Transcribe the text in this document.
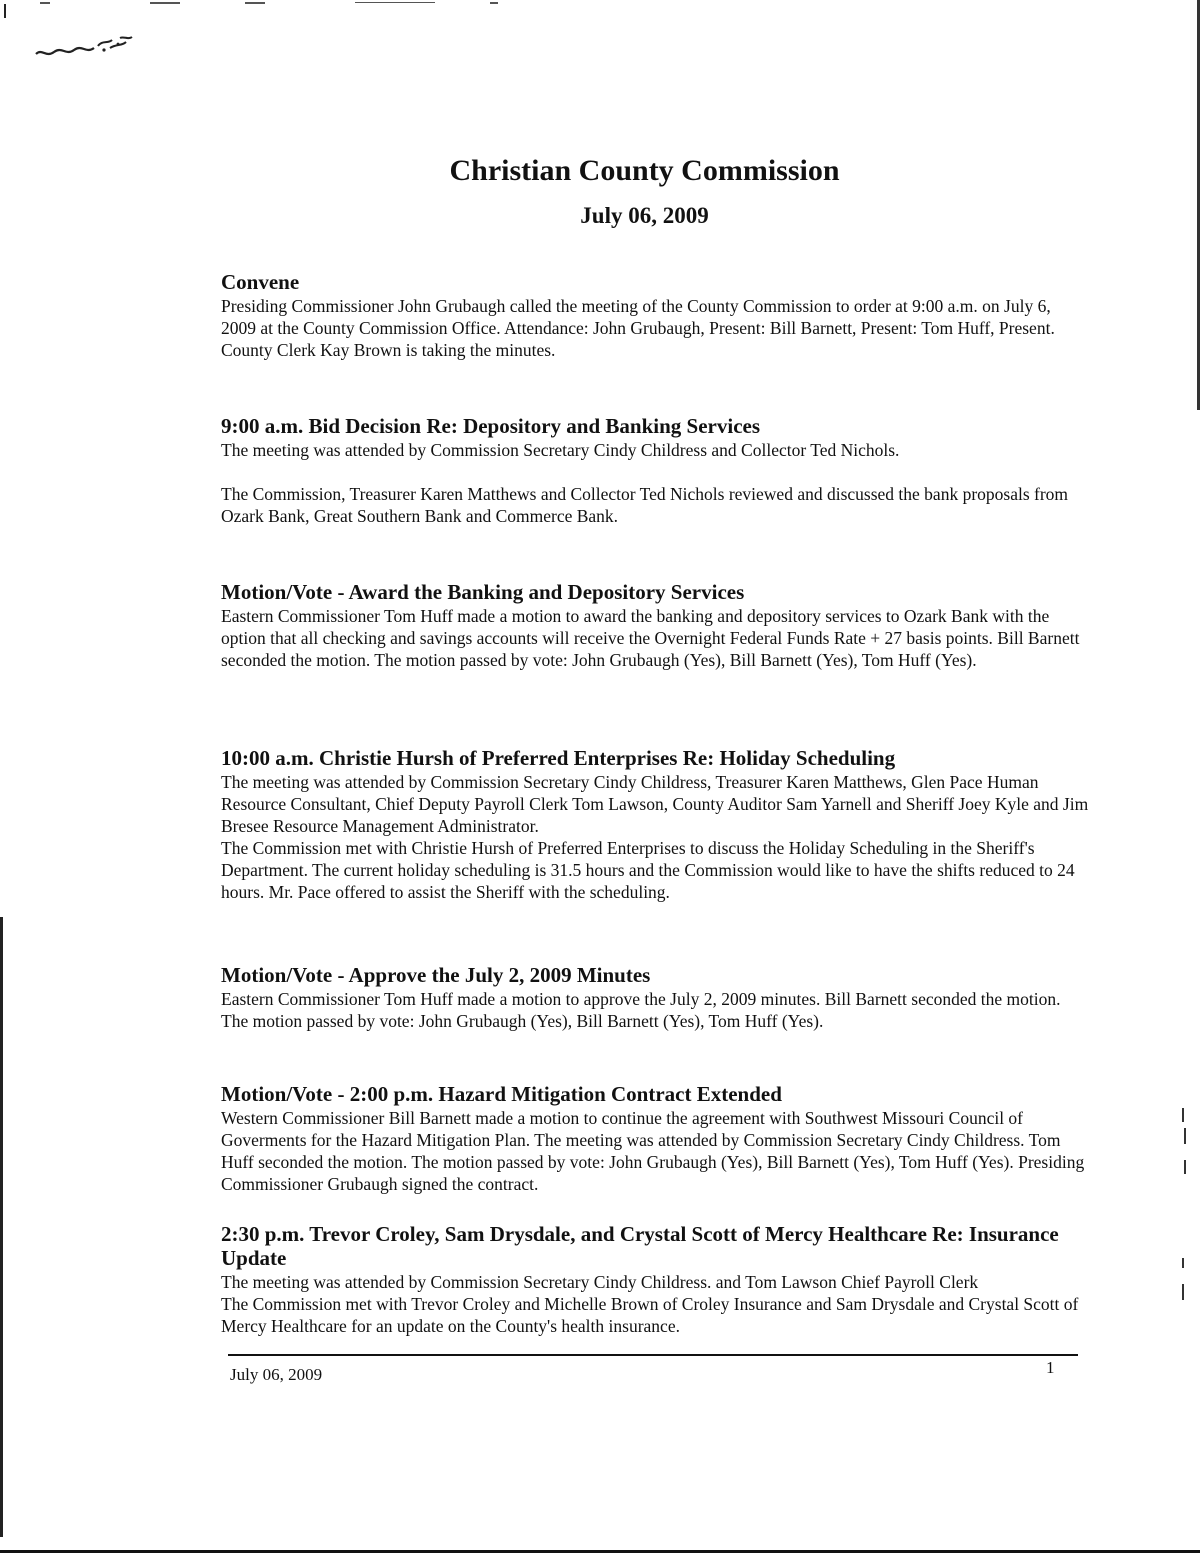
Christian County Commission
July 06, 2009
Convene

Presiding Commissioner John Grubaugh called the meeting of the County Commission to order at 9:00 a.m. on July 6, 2009 at the County Commission Office. Attendance: John Grubaugh, Present: Bill Barnett, Present: Tom Huff, Present. County Clerk Kay Brown is taking the minutes.

9:00 a.m. Bid Decision Re: Depository and Banking Services

The meeting was attended by Commission Secretary Cindy Childress and Collector Ted Nichols.

The Commission, Treasurer Karen Matthews and Collector Ted Nichols reviewed and discussed the bank proposals from Ozark Bank, Great Southern Bank and Commerce Bank.

Motion/Vote - Award the Banking and Depository Services

Eastern Commissioner Tom Huff made a motion to award the banking and depository services to Ozark Bank with the option that all checking and savings accounts will receive the Overnight Federal Funds Rate + 27 basis points. Bill Barnett seconded the motion. The motion passed by vote: John Grubaugh (Yes), Bill Barnett (Yes), Tom Huff (Yes).

10:00 a.m. Christie Hursh of Preferred Enterprises Re: Holiday Scheduling

The meeting was attended by Commission Secretary Cindy Childress, Treasurer Karen Matthews, Glen Pace Human Resource Consultant, Chief Deputy Payroll Clerk Tom Lawson, County Auditor Sam Yarnell and Sheriff Joey Kyle and Jim Bresee Resource Management Administrator.

The Commission met with Christie Hursh of Preferred Enterprises to discuss the Holiday Scheduling in the Sheriff's Department. The current holiday scheduling is 31.5 hours and the Commission would like to have the shifts reduced to 24 hours. Mr. Pace offered to assist the Sheriff with the scheduling.

Motion/Vote - Approve the July 2, 2009 Minutes

Eastern Commissioner Tom Huff made a motion to approve the July 2, 2009 minutes. Bill Barnett seconded the motion. The motion passed by vote: John Grubaugh (Yes), Bill Barnett (Yes), Tom Huff (Yes).

Motion/Vote - 2:00 p.m. Hazard Mitigation Contract Extended

Western Commissioner Bill Barnett made a motion to continue the agreement with Southwest Missouri Council of Goverments for the Hazard Mitigation Plan. The meeting was attended by Commission Secretary Cindy Childress. Tom Huff seconded the motion. The motion passed by vote: John Grubaugh (Yes), Bill Barnett (Yes), Tom Huff (Yes). Presiding Commissioner Grubaugh signed the contract.

2:30 p.m. Trevor Croley, Sam Drysdale, and Crystal Scott of Mercy Healthcare Re: Insurance Update

The meeting was attended by Commission Secretary Cindy Childress. and Tom Lawson Chief Payroll Clerk

The Commission met with Trevor Croley and Michelle Brown of Croley Insurance and Sam Drysdale and Crystal Scott of Mercy Healthcare for an update on the County's health insurance.

July 06, 2009	1
